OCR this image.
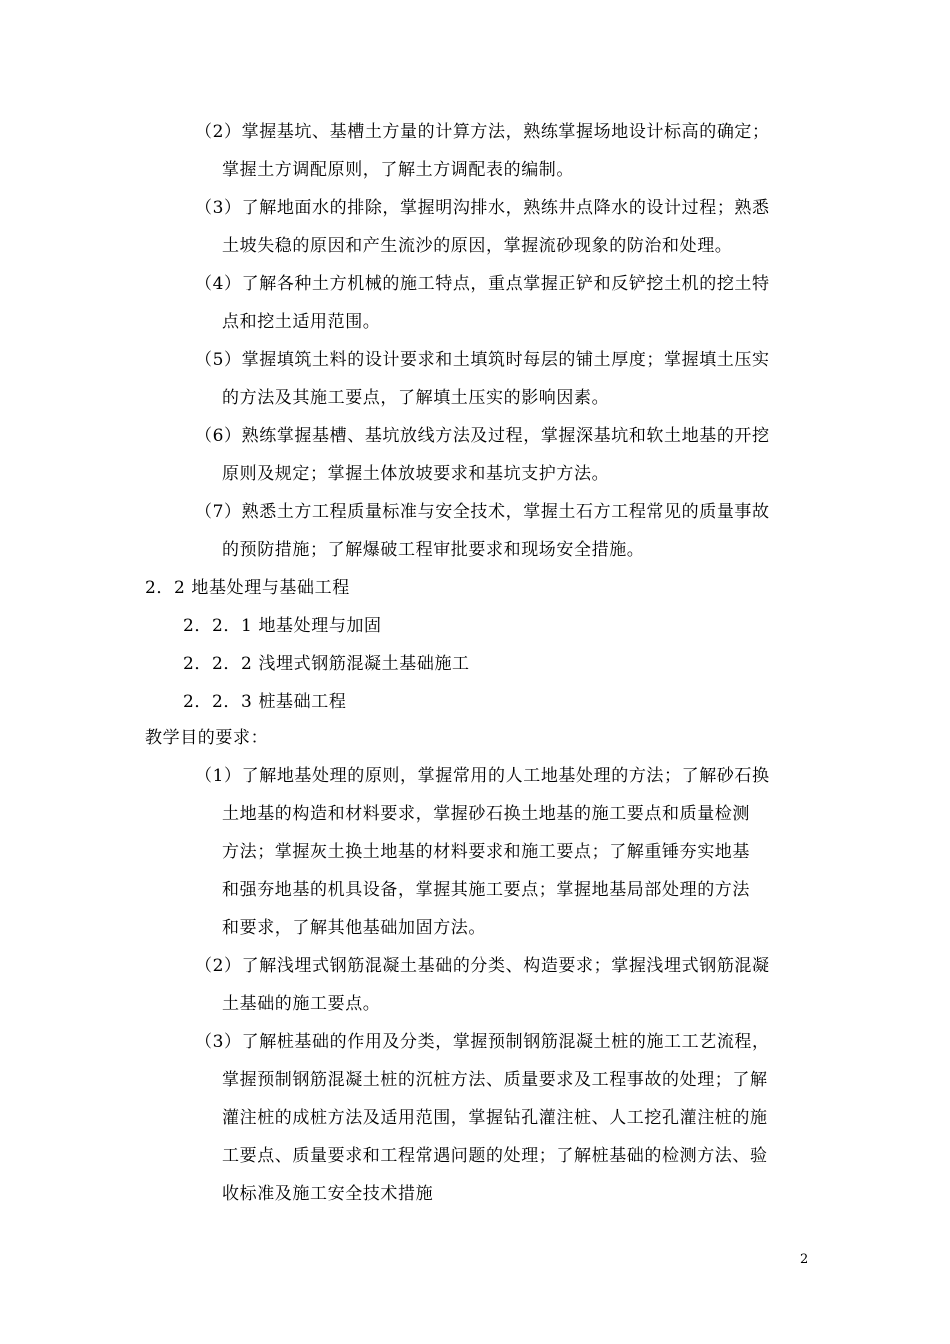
（2）掌握基坑、基槽土方量的计算方法，熟练掌握场地设计标高的确定；
掌握土方调配原则，了解土方调配表的编制。
（3）了解地面水的排除，掌握明沟排水，熟练井点降水的设计过程；熟悉
土坡失稳的原因和产生流沙的原因，掌握流砂现象的防治和处理。
（4）了解各种土方机械的施工特点，重点掌握正铲和反铲挖土机的挖土特
点和挖土适用范围。
（5）掌握填筑土料的设计要求和土填筑时每层的铺土厚度；掌握填土压实
的方法及其施工要点，了解填土压实的影响因素。
（6）熟练掌握基槽、基坑放线方法及过程，掌握深基坑和软土地基的开挖
原则及规定；掌握土体放坡要求和基坑支护方法。
（7）熟悉土方工程质量标准与安全技术，掌握土石方工程常见的质量事故
的预防措施；了解爆破工程审批要求和现场安全措施。
2．2 地基处理与基础工程
2．2．1 地基处理与加固
2．2．2 浅埋式钢筋混凝土基础施工
2．2．3 桩基础工程
教学目的要求：
（1）了解地基处理的原则，掌握常用的人工地基处理的方法；了解砂石换
土地基的构造和材料要求，掌握砂石换土地基的施工要点和质量检测
方法；掌握灰土换土地基的材料要求和施工要点；了解重锤夯实地基
和强夯地基的机具设备，掌握其施工要点；掌握地基局部处理的方法
和要求，了解其他基础加固方法。
（2）了解浅埋式钢筋混凝土基础的分类、构造要求；掌握浅埋式钢筋混凝
土基础的施工要点。
（3）了解桩基础的作用及分类，掌握预制钢筋混凝土桩的施工工艺流程，
掌握预制钢筋混凝土桩的沉桩方法、质量要求及工程事故的处理；了解
灌注桩的成桩方法及适用范围，掌握钻孔灌注桩、人工挖孔灌注桩的施
工要点、质量要求和工程常遇问题的处理；了解桩基础的检测方法、验
收标准及施工安全技术措施
2
